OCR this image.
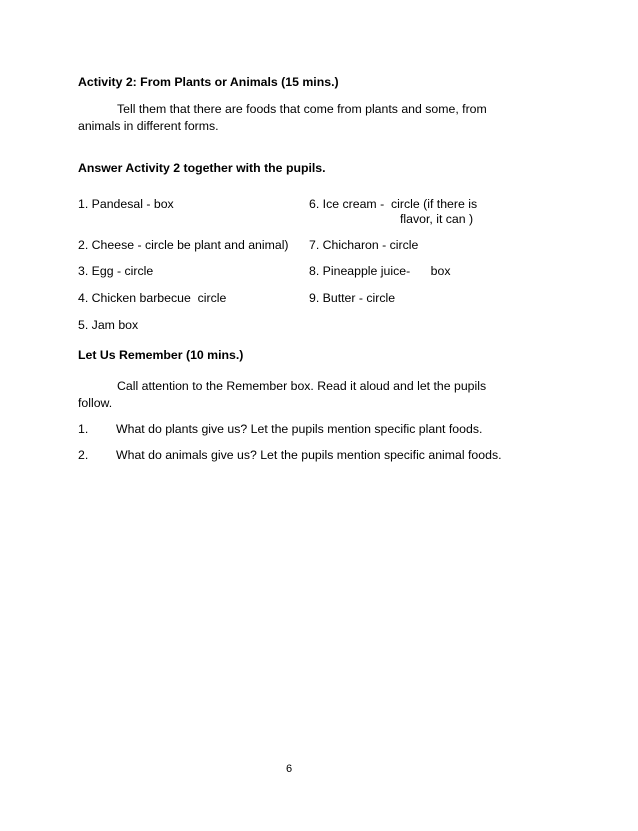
Activity 2: From Plants or Animals (15 mins.)
Tell them that there are foods that come from plants and some, from
animals in different forms.
Answer Activity 2 together with the pupils.
1. Pandesal - box
2. Cheese - circle be plant and animal)
3. Egg - circle
4. Chicken barbecue  circle
5. Jam box
6. Ice cream -  circle (if there is
flavor, it can )
7. Chicharon - circle
8. Pineapple juice-      box
9. Butter - circle
Let Us Remember (10 mins.)
Call attention to the Remember box. Read it aloud and let the pupils
follow.
1. What do plants give us? Let the pupils mention specific plant foods.
2. What do animals give us? Let the pupils mention specific animal foods.
6
